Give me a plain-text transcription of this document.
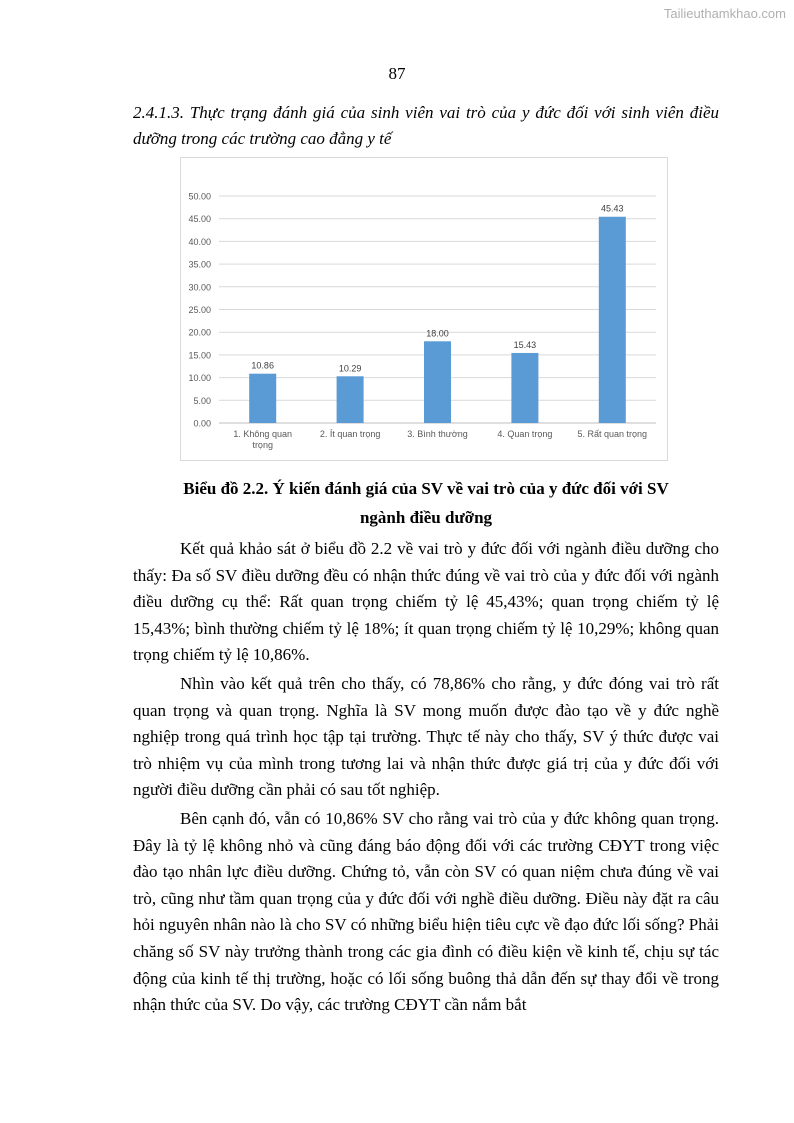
Tailieuthamkhao.com
87
2.4.1.3. Thực trạng đánh giá của sinh viên vai trò của y đức đối với sinh viên điều dưỡng trong các trường cao đẳng y tế
0.00
5.00
10.00
15.00
20.00
25.00
30.00
35.00
40.00
45.00
50.00
10.86
1. Không quan
trọng
10.29
2. Ít quan trọng
18.00
3. Bình thường
15.43
4. Quan trọng
45.43
5. Rất quan trọng
Biểu đồ 2.2. Ý kiến đánh giá của SV về vai trò của y đức đối với SV
ngành điều dưỡng

Kết quả khảo sát ở biểu đồ 2.2 về vai trò y đức đối với ngành điều dưỡng cho thấy: Đa số SV điều dưỡng đều có nhận thức đúng về vai trò của y đức đối với ngành điều dưỡng cụ thể: Rất quan trọng chiếm tỷ lệ 45,43%; quan trọng chiếm tỷ lệ 15,43%; bình thường chiếm tỷ lệ 18%; ít quan trọng chiếm tỷ lệ 10,29%; không quan trọng chiếm tỷ lệ 10,86%.

Nhìn vào kết quả trên cho thấy, có 78,86% cho rằng, y đức đóng vai trò rất quan trọng và quan trọng. Nghĩa là SV mong muốn được đào tạo về y đức nghề nghiệp trong quá trình học tập tại trường. Thực tế này cho thấy, SV ý thức được vai trò nhiệm vụ của mình trong tương lai và nhận thức được giá trị của y đức đối với người điều dưỡng cần phải có sau tốt nghiệp.

Bên cạnh đó, vẫn có 10,86% SV cho rằng vai trò của y đức không quan trọng. Đây là tỷ lệ không nhỏ và cũng đáng báo động đối với các trường CĐYT trong việc đào tạo nhân lực điều dưỡng. Chứng tỏ, vẫn còn SV có quan niệm chưa đúng về vai trò, cũng như tầm quan trọng của y đức đối với nghề điều dưỡng. Điều này đặt ra câu hỏi nguyên nhân nào là cho SV có những biểu hiện tiêu cực về đạo đức lối sống? Phải chăng số SV này trưởng thành trong các gia đình có điều kiện về kinh tế, chịu sự tác động của kinh tế thị trường, hoặc có lối sống buông thả dẫn đến sự thay đổi về trong nhận thức của SV. Do vậy, các trường CĐYT cần nắm bắt
